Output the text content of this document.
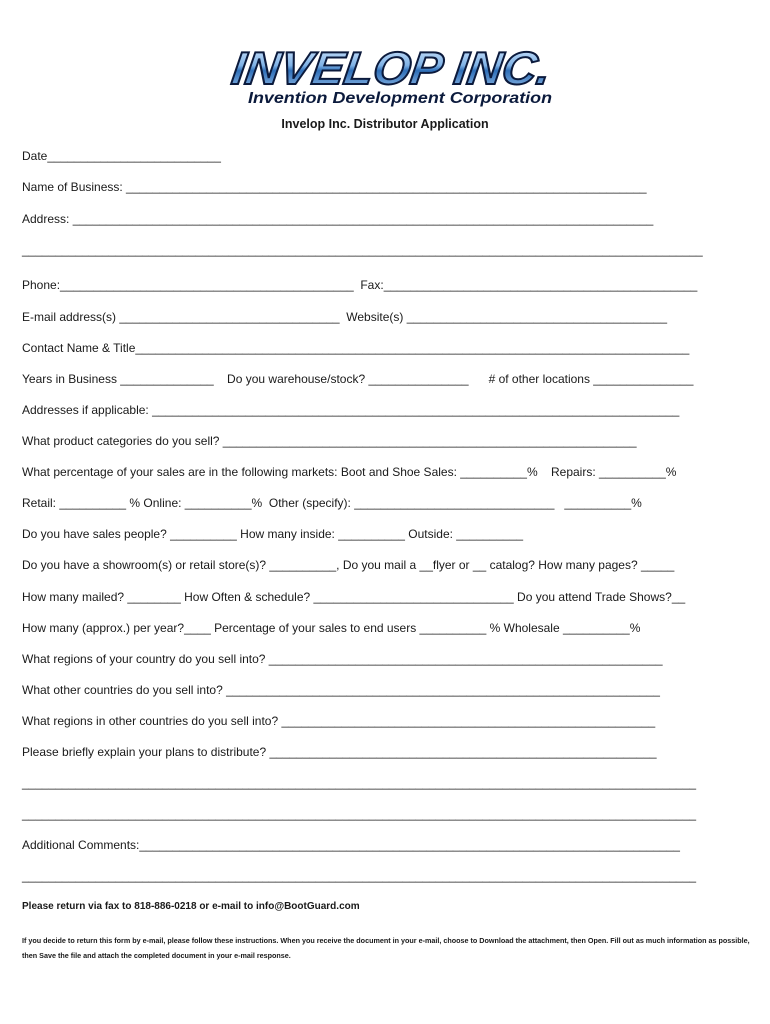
INVELOP INC.
Invention Development Corporation
Invelop Inc. Distributor Application
Date__________________________
Name of Business: ______________________________________________________________________________
Address: _______________________________________________________________________________________
______________________________________________________________________________________________________
Phone:____________________________________________  Fax:_______________________________________________
E-mail address(s) _________________________________  Website(s) _______________________________________
Contact Name & Title___________________________________________________________________________________
Years in Business ______________    Do you warehouse/stock? _______________      # of other locations _______________
Addresses if applicable: _______________________________________________________________________________
What product categories do you sell? ______________________________________________________________
What percentage of your sales are in the following markets: Boot and Shoe Sales: __________%    Repairs: __________%
Retail: __________ % Online: __________%  Other (specify): ______________________________   __________%
Do you have sales people? __________ How many inside: __________ Outside: __________
Do you have a showroom(s) or retail store(s)? __________, Do you mail a __flyer or __ catalog? How many pages? _____
How many mailed? ________ How Often & schedule? ______________________________ Do you attend Trade Shows?__
How many (approx.) per year?____ Percentage of your sales to end users __________ % Wholesale __________%
What regions of your country do you sell into? ___________________________________________________________
What other countries do you sell into? _________________________________________________________________
What regions in other countries do you sell into? ________________________________________________________
Please briefly explain your plans to distribute? __________________________________________________________
_____________________________________________________________________________________________________
_____________________________________________________________________________________________________
Additional Comments:_________________________________________________________________________________
_____________________________________________________________________________________________________
Please return via fax to 818-886-0218 or e-mail to info@BootGuard.com
If you decide to return this form by e-mail, please follow these instructions. When you receive the document in your e-mail, choose to Download the attachment, then Open. Fill out as much information as possible, then Save the file and attach the completed document in your e-mail response.
